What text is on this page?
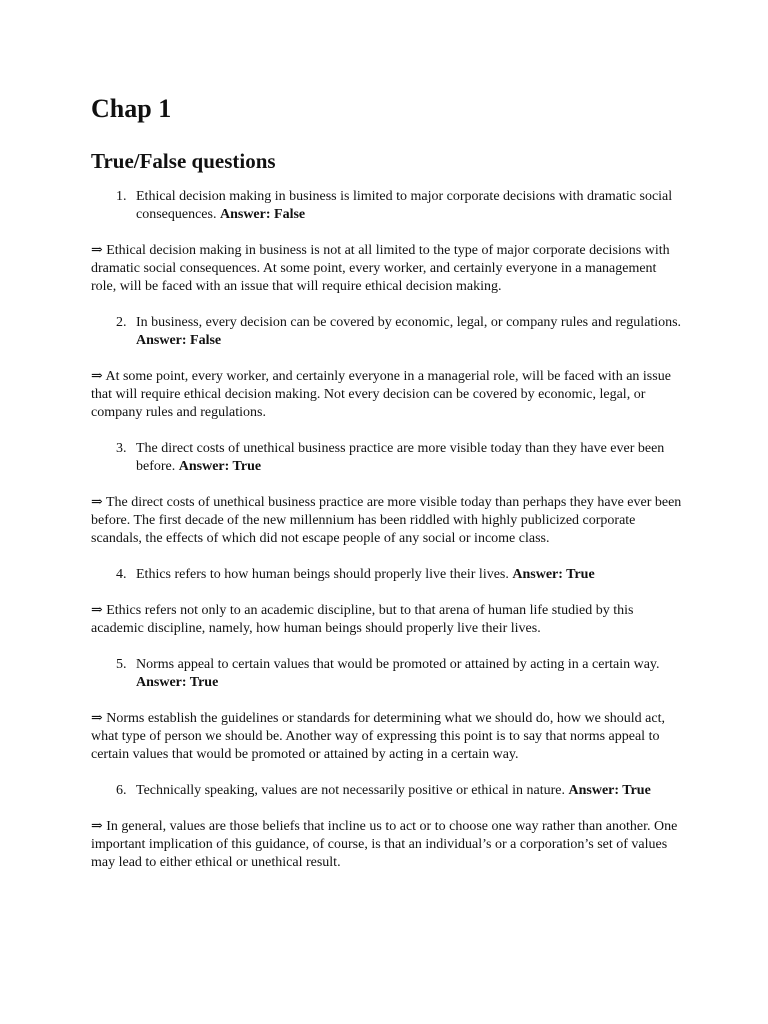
Chap 1
True/False questions
1. Ethical decision making in business is limited to major corporate decisions with dramatic social consequences. Answer: False

⇒ Ethical decision making in business is not at all limited to the type of major corporate decisions with dramatic social consequences. At some point, every worker, and certainly everyone in a management role, will be faced with an issue that will require ethical decision making.

2. In business, every decision can be covered by economic, legal, or company rules and regulations. Answer: False

⇒ At some point, every worker, and certainly everyone in a managerial role, will be faced with an issue that will require ethical decision making. Not every decision can be covered by economic, legal, or company rules and regulations.

3. The direct costs of unethical business practice are more visible today than they have ever been before. Answer: True

⇒ The direct costs of unethical business practice are more visible today than perhaps they have ever been before. The first decade of the new millennium has been riddled with highly publicized corporate scandals, the effects of which did not escape people of any social or income class.

4. Ethics refers to how human beings should properly live their lives. Answer: True

⇒ Ethics refers not only to an academic discipline, but to that arena of human life studied by this academic discipline, namely, how human beings should properly live their lives.

5. Norms appeal to certain values that would be promoted or attained by acting in a certain way. Answer: True

⇒ Norms establish the guidelines or standards for determining what we should do, how we should act, what type of person we should be. Another way of expressing this point is to say that norms appeal to certain values that would be promoted or attained by acting in a certain way.

6. Technically speaking, values are not necessarily positive or ethical in nature. Answer: True

⇒ In general, values are those beliefs that incline us to act or to choose one way rather than another. One important implication of this guidance, of course, is that an individual’s or a corporation’s set of values may lead to either ethical or unethical result.
